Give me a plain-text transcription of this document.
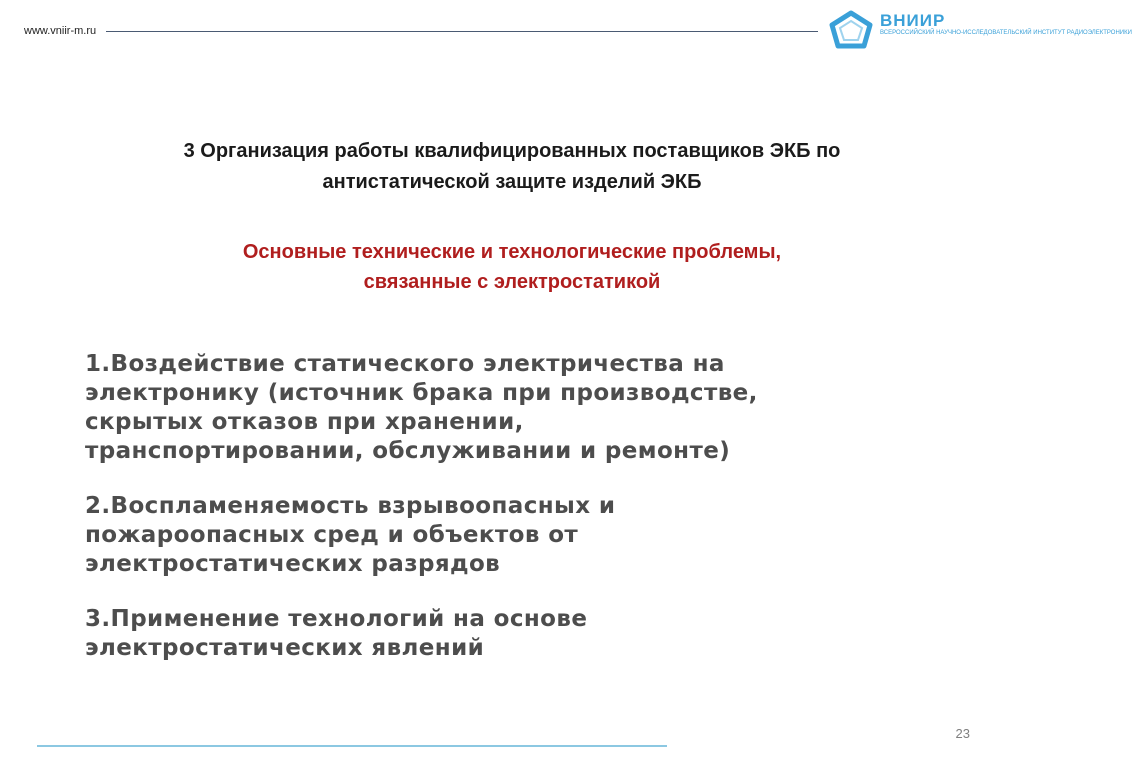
www.vniir-m.ru
ВНИИР
ВСЕРОССИЙСКИЙ НАУЧНО-ИССЛЕДОВАТЕЛЬСКИЙ ИНСТИТУТ РАДИОЭЛЕКТРОНИКИ
3 Организация работы квалифицированных поставщиков ЭКБ по
антистатической защите изделий ЭКБ
Основные технические и технологические проблемы,
связанные с электростатикой

1.Воздействие статического электричества на

электронику (источник брака при производстве,

скрытых отказов при хранении,

транспортировании, обслуживании и ремонте)

2.Воспламеняемость взрывоопасных и

пожароопасных сред и объектов от

электростатических разрядов

3.Применение технологий на основе

электростатических явлений

23
